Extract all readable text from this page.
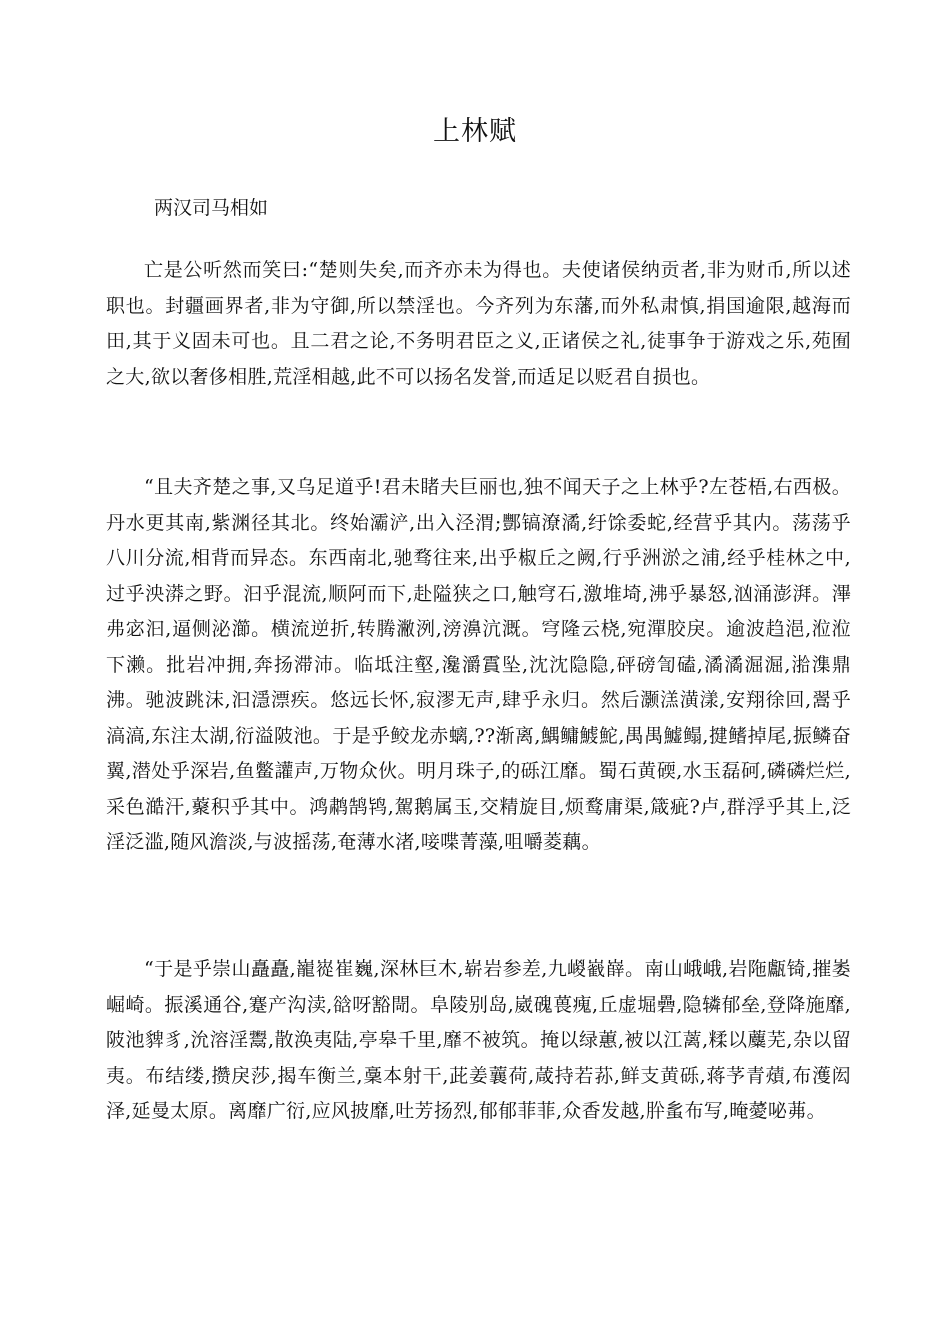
上林赋

两汉司马相如

亡是公听然而笑曰:“楚则失矣,而齐亦未为得也。夫使诸侯纳贡者,非为财币,所以述职也。封疆画界者,非为守御,所以禁淫也。今齐列为东藩,而外私肃慎,捐国逾限,越海而田,其于义固未可也。且二君之论,不务明君臣之义,正诸侯之礼,徒事争于游戏之乐,苑囿之大,欲以奢侈相胜,荒淫相越,此不可以扬名发誉,而适足以贬君自损也。

“且夫齐楚之事,又乌足道乎!君未睹夫巨丽也,独不闻天子之上林乎?左苍梧,右西极。丹水更其南,紫渊径其北。终始灞浐,出入泾渭;酆镐潦潏,纡馀委蛇,经营乎其内。荡荡乎八川分流,相背而异态。东西南北,驰骛往来,出乎椒丘之阙,行乎洲淤之浦,经乎桂林之中,过乎泱漭之野。汩乎混流,顺阿而下,赴隘狭之口,触穹石,激堆埼,沸乎暴怒,汹涌澎湃。滭弗宓汩,逼侧泌瀄。横流逆折,转腾潎洌,滂濞沆溉。穹隆云桡,宛潬胶戾。逾波趋浥,涖涖下濑。批岩冲拥,奔扬滞沛。临坻注壑,瀺灂霣坠,沈沈隐隐,砰磅訇磕,潏潏淈淈,湁潗鼎沸。驰波跳沫,汩濦漂疾。悠远长怀,寂漻无声,肆乎永归。然后灏溔潢漾,安翔徐回,翯乎滈滈,东注太湖,衍溢陂池。于是乎鲛龙赤螭,??渐离,鰅鳙鰬鮀,禺禺鱋鳎,揵鳍掉尾,振鳞奋翼,潜处乎深岩,鱼鳖讙声,万物众伙。明月珠子,的砾江靡。蜀石黄碝,水玉磊砢,磷磷烂烂,采色澔汗,藂积乎其中。鸿鹔鹄鸨,駕鹅属玉,交精旋目,烦鹜庸渠,箴疵?卢,群浮乎其上,泛淫泛滥,随风澹淡,与波摇荡,奄薄水渚,唼喋菁藻,咀嚼菱藕。

“于是乎崇山矗矗,巃嵸崔巍,深林巨木,崭岩参差,九嵕巀嶭。南山峨峨,岩陁甗锜,摧崣崛崎。振溪通谷,蹇产沟渎,谽呀豁閜。阜陵别岛,崴磈葨瘣,丘虚堀礨,隐辚郁垒,登降施靡,陂池貏豸,沇溶淫鬻,散涣夷陆,亭皋千里,靡不被筑。掩以绿蕙,被以江蓠,糅以蘪芜,杂以留夷。布结缕,攒戾莎,揭车衡兰,稾本射干,茈姜蘘荷,葴持若荪,鲜支黄砾,蒋芧青薠,布濩闳泽,延曼太原。离靡广衍,应风披靡,吐芳扬烈,郁郁菲菲,众香发越,肸蚃布写,晻薆咇茀。
